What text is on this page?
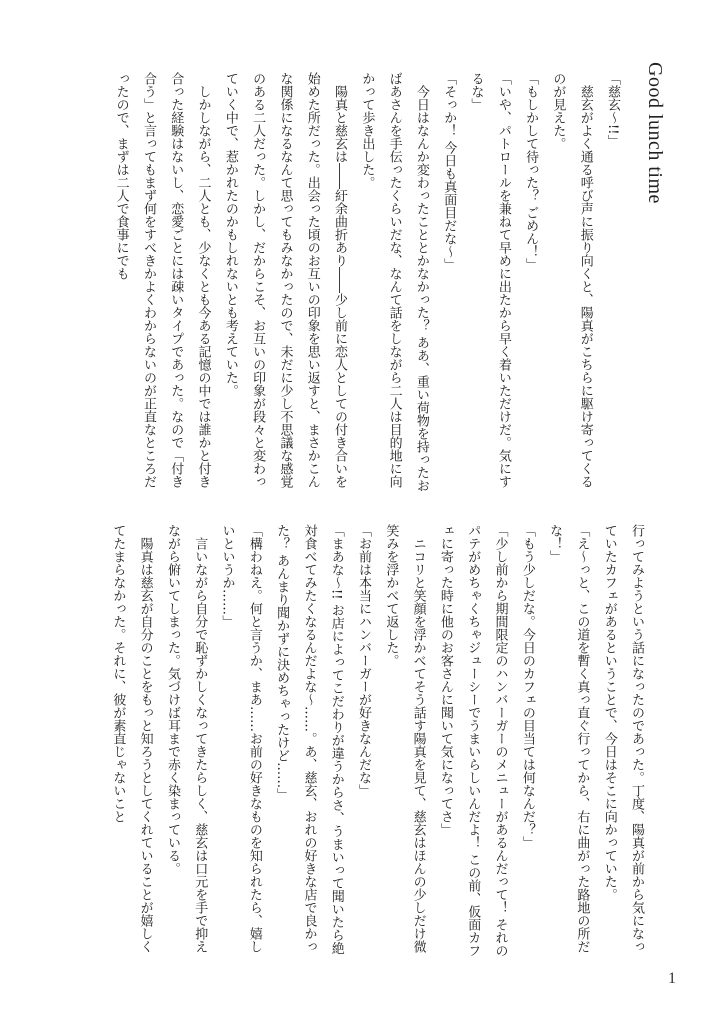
Good lunch time

「慈玄～!!」

　慈玄がよく通る呼び声に振り向くと、陽真がこちらに駆け寄ってくるのが見えた。

「もしかして待った？ ごめん！」

「いや、パトロールを兼ねて早めに出たから早く着いただけだ。気にするな」

「そっか！ 今日も真面目だな～」

　今日はなんか変わったこととかなかった？ ああ、重い荷物を持ったおばあさんを手伝ったくらいだな、なんて話をしながら二人は目的地に向かって歩き出した。

　陽真と慈玄は――紆余曲折あり――少し前に恋人としての付き合いを始めた所だった。出会った頃のお互いの印象を思い返すと、まさかこんな関係になるなんて思ってもみなかったので、未だに少し不思議な感覚のある二人だった。しかし、だからこそ、お互いの印象が段々と変わっていく中で、惹かれたのかもしれないとも考えていた。

　しかしながら、二人とも、少なくとも今ある記憶の中では誰かと付き合った経験はないし、恋愛ごとには疎いタイプであった。なので「付き合う」と言ってもまず何をすべきかよくわからないのが正直なところだったので、まずは二人で食事にでも

行ってみようという話になったのであった。丁度、陽真が前から気になっていたカフェがあるということで、今日はそこに向かっていた。

「え～っと、この道を暫く真っ直ぐ行ってから、右に曲がった路地の所だな！」

「もう少しだな。今日のカフェの目当ては何なんだ？」

「少し前から期間限定のハンバーガーのメニューがあるんだって！ それのパテがめちゃくちゃジューシーでうまいらしいんだよ！ この前、仮面カフェに寄った時に他のお客さんに聞いて気になってさ」

　ニコリと笑顔を浮かべてそう話す陽真を見て、慈玄はほんの少しだけ微笑みを浮かべて返した。

「お前は本当にハンバーガーが好きなんだな」

「まあな～!! お店によってこだわりが違うからさ、うまいって聞いたら絶対食べてみたくなるんだよな～……。あ、慈玄、おれの好きな店で良かった？ あんまり聞かずに決めちゃったけど……」

「構わねえ。何と言うか、まあ……お前の好きなものを知られたら、嬉しいというか……」

　言いながら自分で恥ずかしくなってきたらしく、慈玄は口元を手で抑えながら俯いてしまった。気づけば耳まで赤く染まっている。

　陽真は慈玄が自分のことをもっと知ろうとしてくれていることが嬉しくてたまらなかった。それに、彼が素直じゃないこと

1
